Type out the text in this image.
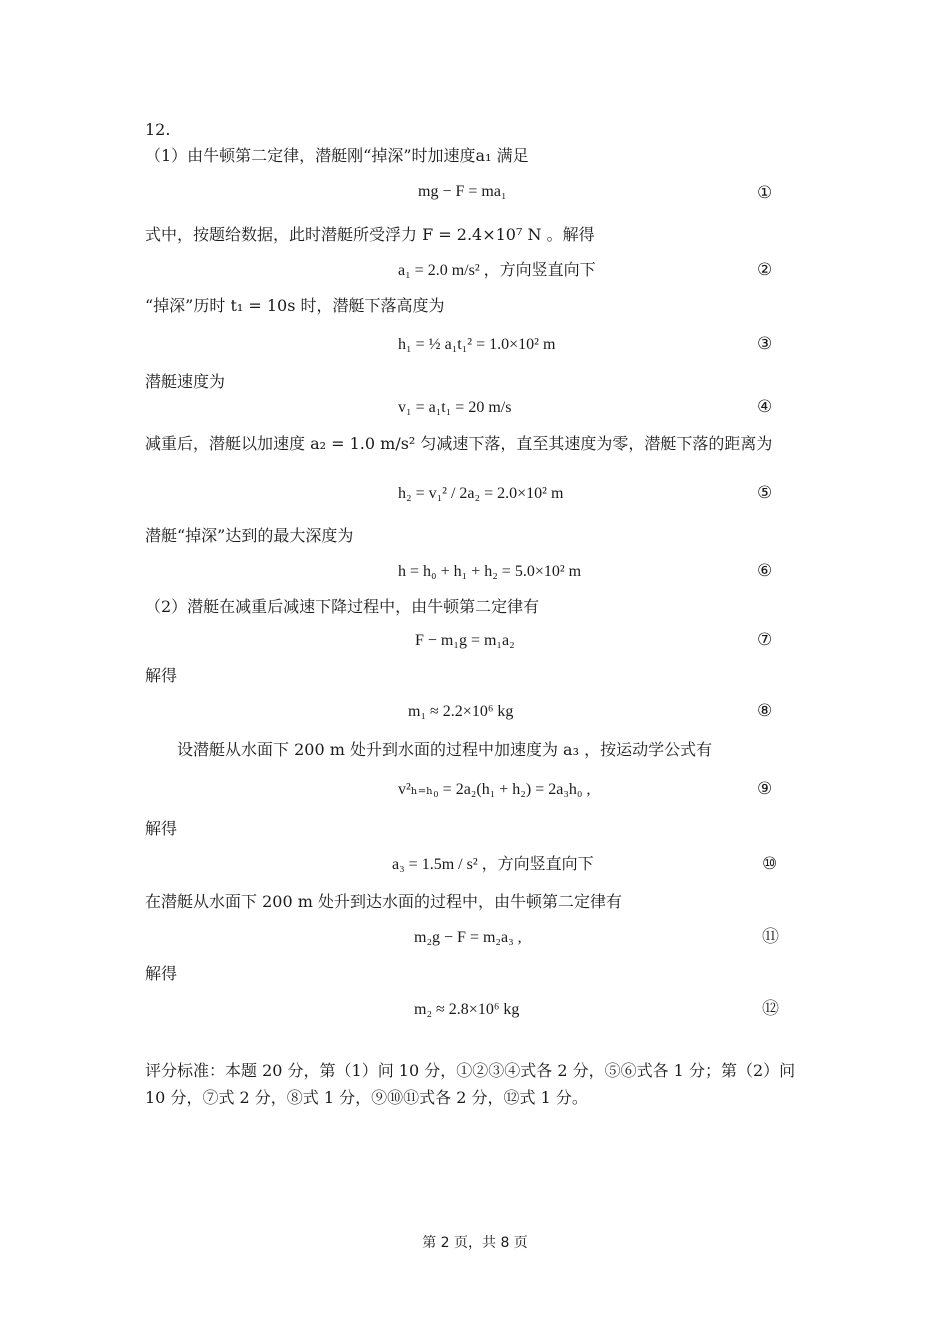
12.
（1）由牛顿第二定律，潜艇刚“掉深”时加速度a₁ 满足
mg − F = ma₁	①
式中，按题给数据，此时潜艇所受浮力 F = 2.4×10⁷ N 。解得
a₁ = 2.0 m/s² ，方向竖直向下	②
“掉深”历时 t₁ = 10s 时，潜艇下落高度为
h₁ = ½ a₁t₁² = 1.0×10² m	③
潜艇速度为
v₁ = a₁t₁ = 20 m/s	④
减重后，潜艇以加速度 a₂ = 1.0 m/s² 匀减速下落，直至其速度为零，潜艇下落的距离为
h₂ = v₁² / 2a₂ = 2.0×10² m	⑤
潜艇“掉深”达到的最大深度为
h = h₀ + h₁ + h₂ = 5.0×10² m	⑥
（2）潜艇在减重后减速下降过程中，由牛顿第二定律有
F − m₁g = m₁a₂	⑦
解得
m₁ ≈ 2.2×10⁶ kg	⑧
设潜艇从水面下 200 m 处升到水面的过程中加速度为 a₃ ，按运动学公式有
v²ₕ₌ₕ₀ = 2a₂(h₁ + h₂) = 2a₃h₀ ,	⑨
解得
a₃ = 1.5m / s² ，方向竖直向下	⑩
在潜艇从水面下 200 m 处升到达水面的过程中，由牛顿第二定律有
m₂g − F = m₂a₃ ,	⑪
解得
m₂ ≈ 2.8×10⁶ kg	⑫
评分标准：本题 20 分，第（1）问 10 分，①②③④式各 2 分，⑤⑥式各 1 分；第（2）问
10 分，⑦式 2 分，⑧式 1 分，⑨⑩⑪式各 2 分，⑫式 1 分。
第 2 页，共 8 页
